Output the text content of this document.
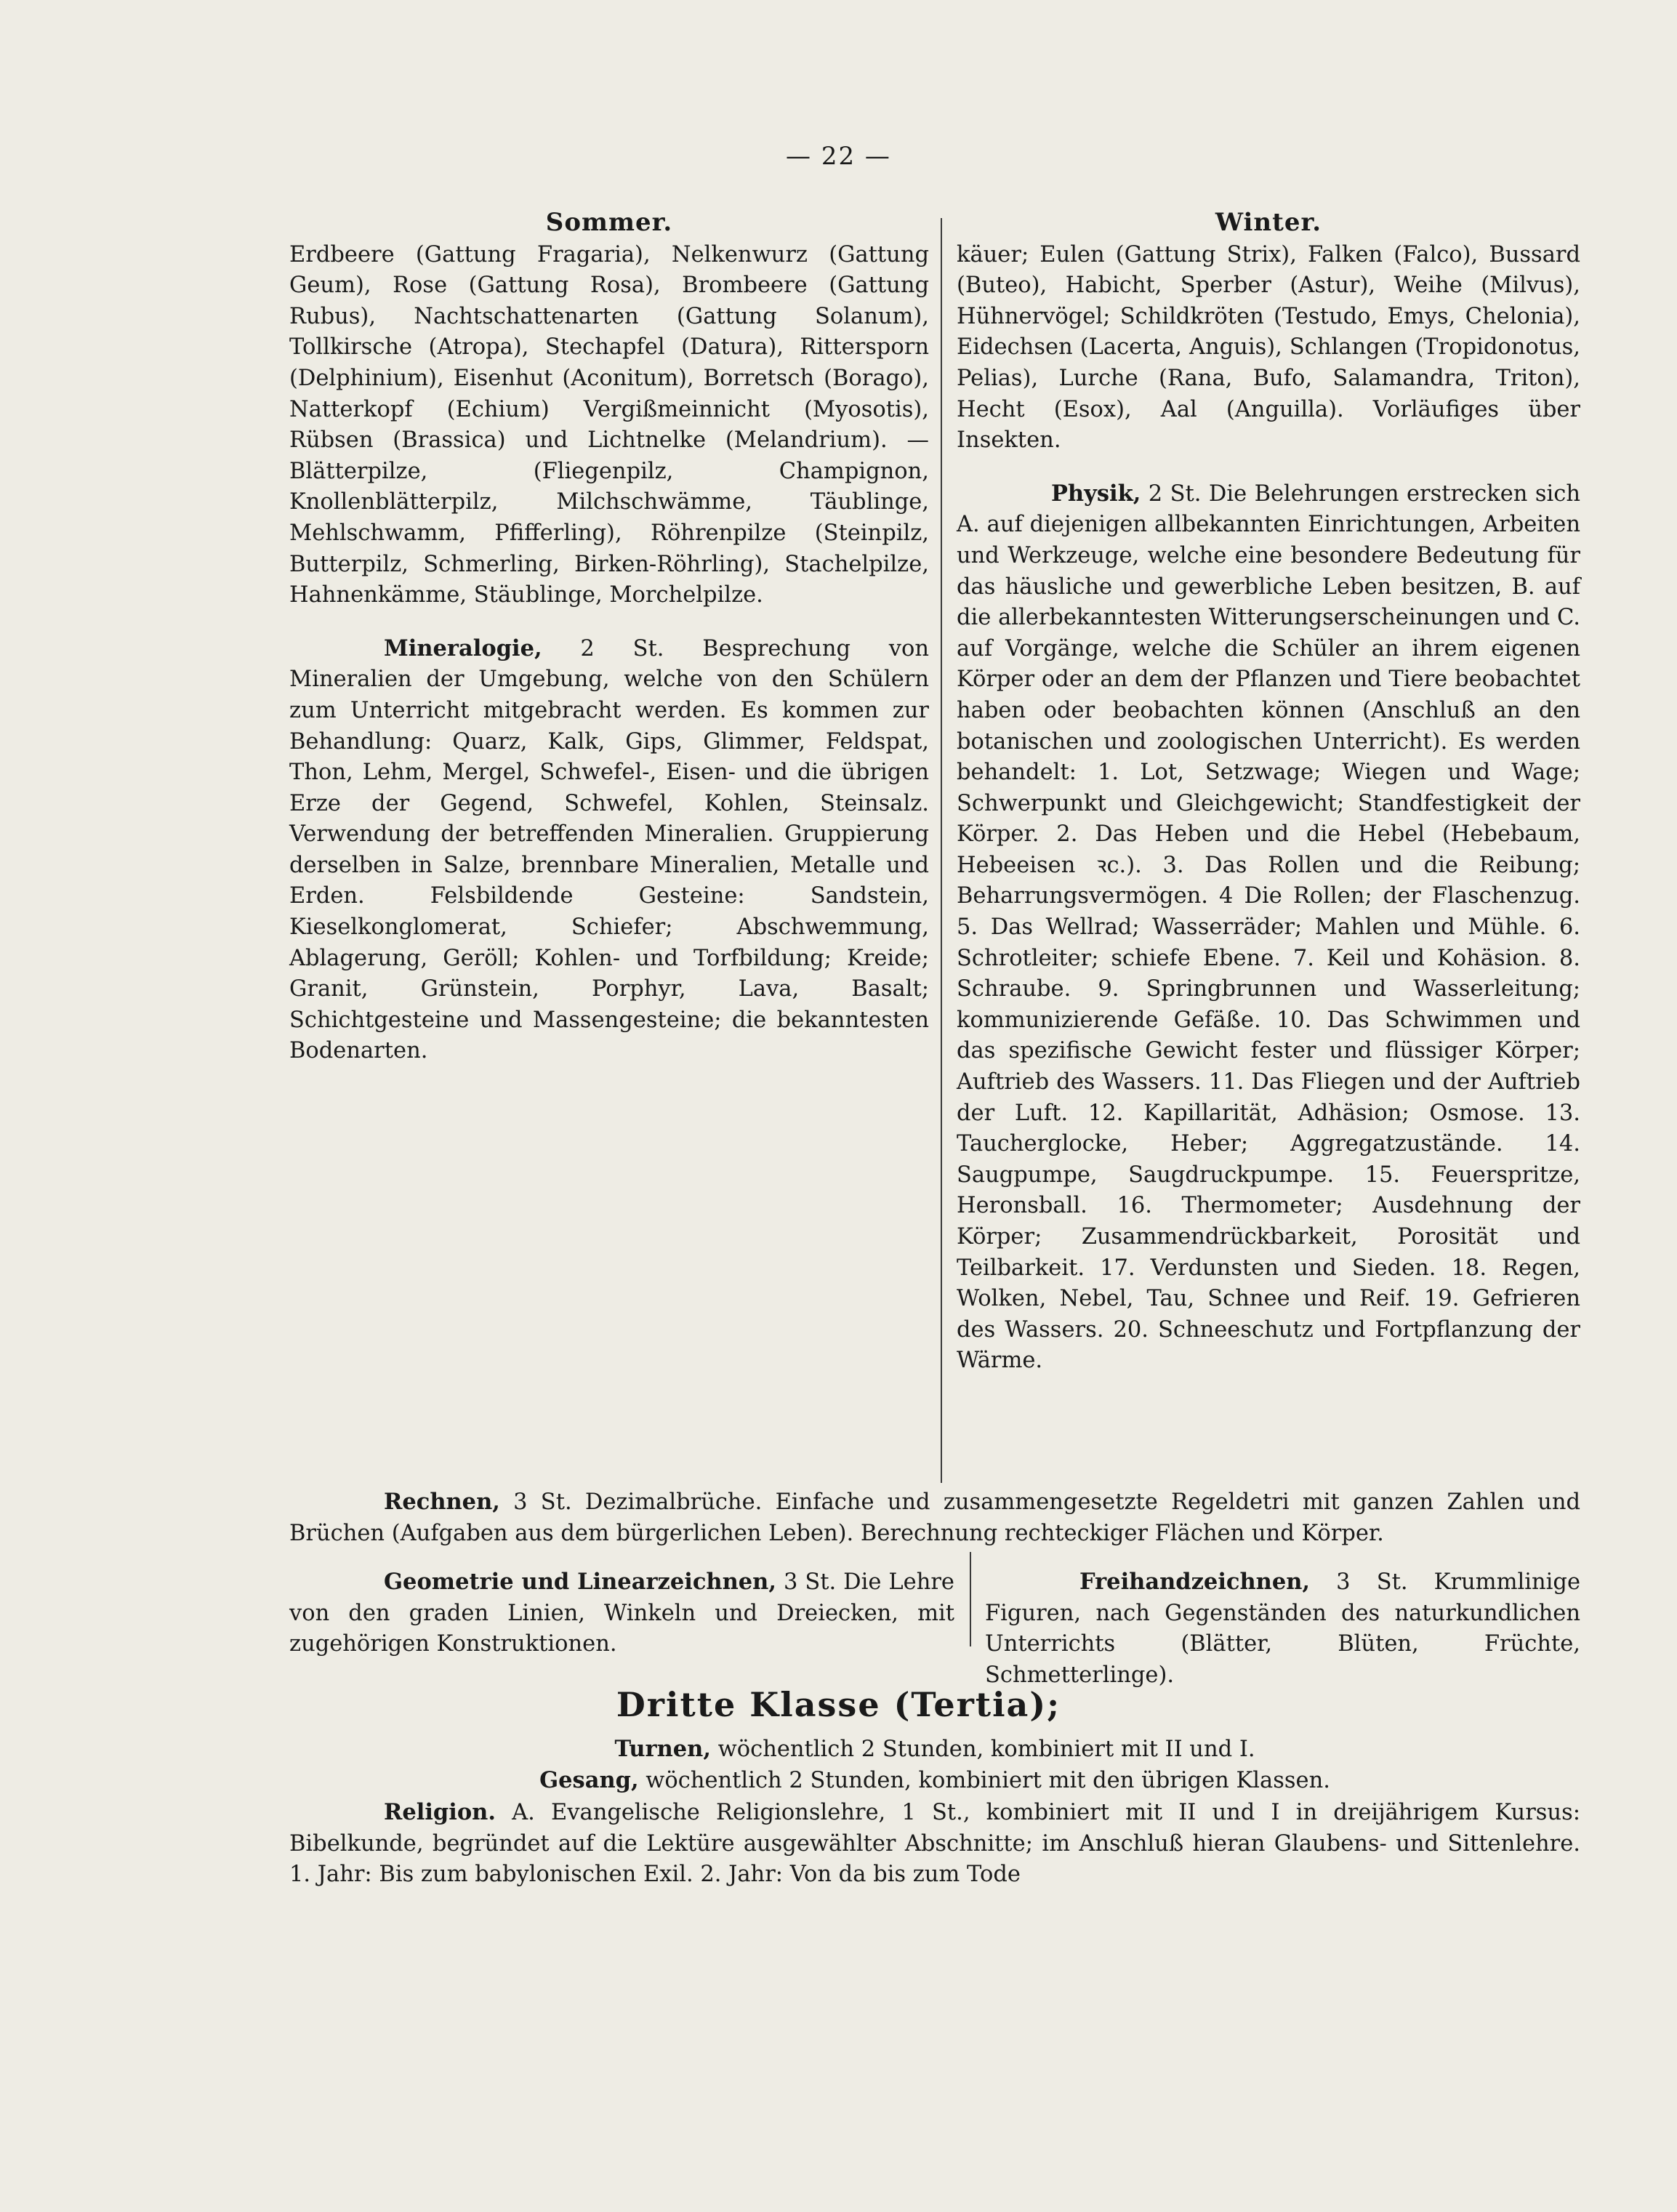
— 22 —

Sommer.

Erdbeere (Gattung Fragaria), Nelkenwurz (Gattung Geum), Rose (Gattung Rosa), Brombeere (Gattung Rubus), Nachtschattenarten (Gattung Solanum), Tollkirsche (Atropa), Stechapfel (Datura), Rittersporn (Delphinium), Eisenhut (Aconitum), Borretsch (Borago), Natterkopf (Echium) Vergißmeinnicht (Myosotis), Rübsen (Brassica) und Lichtnelke (Melandrium). — Blätterpilze, (Fliegenpilz, Champignon, Knollenblätterpilz, Milchschwämme, Täublinge, Mehlschwamm, Pfifferling), Röhrenpilze (Steinpilz, Butterpilz, Schmerling, Birken-Röhrling), Stachelpilze, Hahnenkämme, Stäublinge, Morchelpilze.

Mineralogie, 2 St. Besprechung von Mineralien der Umgebung, welche von den Schülern zum Unterricht mitgebracht werden. Es kommen zur Behandlung: Quarz, Kalk, Gips, Glimmer, Feldspat, Thon, Lehm, Mergel, Schwefel-, Eisen- und die übrigen Erze der Gegend, Schwefel, Kohlen, Steinsalz. Verwendung der betreffenden Mineralien. Gruppierung derselben in Salze, brennbare Mineralien, Metalle und Erden. Felsbildende Gesteine: Sandstein, Kieselkonglomerat, Schiefer; Abschwemmung, Ablagerung, Geröll; Kohlen- und Torfbildung; Kreide; Granit, Grünstein, Porphyr, Lava, Basalt; Schichtgesteine und Massengesteine; die bekanntesten Bodenarten.

Winter.

käuer; Eulen (Gattung Strix), Falken (Falco), Bussard (Buteo), Habicht, Sperber (Astur), Weihe (Milvus), Hühnervögel; Schildkröten (Testudo, Emys, Chelonia), Eidechsen (Lacerta, Anguis), Schlangen (Tropidonotus, Pelias), Lurche (Rana, Bufo, Salamandra, Triton), Hecht (Esox), Aal (Anguilla). Vorläufiges über Insekten.

Physik, 2 St. Die Belehrungen erstrecken sich A. auf diejenigen allbekannten Einrichtungen, Arbeiten und Werkzeuge, welche eine besondere Bedeutung für das häusliche und gewerbliche Leben besitzen, B. auf die allerbekanntesten Witterungserscheinungen und C. auf Vorgänge, welche die Schüler an ihrem eigenen Körper oder an dem der Pflanzen und Tiere beobachtet haben oder beobachten können (Anschluß an den botanischen und zoologischen Unterricht). Es werden behandelt: 1. Lot, Setzwage; Wiegen und Wage; Schwerpunkt und Gleichgewicht; Standfestigkeit der Körper. 2. Das Heben und die Hebel (Hebebaum, Hebeeisen ꝛc.). 3. Das Rollen und die Reibung; Beharrungsvermögen. 4 Die Rollen; der Flaschenzug. 5. Das Wellrad; Wasserräder; Mahlen und Mühle. 6. Schrotleiter; schiefe Ebene. 7. Keil und Kohäsion. 8. Schraube. 9. Springbrunnen und Wasserleitung; kommunizierende Gefäße. 10. Das Schwimmen und das spezifische Gewicht fester und flüssiger Körper; Auftrieb des Wassers. 11. Das Fliegen und der Auftrieb der Luft. 12. Kapillarität, Adhäsion; Osmose. 13. Taucherglocke, Heber; Aggregatzustände. 14. Saugpumpe, Saugdruckpumpe. 15. Feuerspritze, Heronsball. 16. Thermometer; Ausdehnung der Körper; Zusammendrückbarkeit, Porosität und Teilbarkeit. 17. Verdunsten und Sieden. 18. Regen, Wolken, Nebel, Tau, Schnee und Reif. 19. Gefrieren des Wassers. 20. Schneeschutz und Fortpflanzung der Wärme.

Rechnen, 3 St. Dezimalbrüche. Einfache und zusammengesetzte Regeldetri mit ganzen Zahlen und Brüchen (Aufgaben aus dem bürgerlichen Leben). Berechnung rechteckiger Flächen und Körper.

Geometrie und Linearzeichnen, 3 St. Die Lehre von den graden Linien, Winkeln und Dreiecken, mit zugehörigen Konstruktionen.

Freihandzeichnen, 3 St. Krummlinige Figuren, nach Gegenständen des naturkundlichen Unterrichts (Blätter, Blüten, Früchte, Schmetterlinge).

Dritte Klasse (Tertia);

Turnen, wöchentlich 2 Stunden, kombiniert mit II und I.

Gesang, wöchentlich 2 Stunden, kombiniert mit den übrigen Klassen.

Religion. A. Evangelische Religionslehre, 1 St., kombiniert mit II und I in dreijährigem Kursus: Bibelkunde, begründet auf die Lektüre ausgewählter Abschnitte; im Anschluß hieran Glaubens- und Sittenlehre. 1. Jahr: Bis zum babylonischen Exil. 2. Jahr: Von da bis zum Tode
